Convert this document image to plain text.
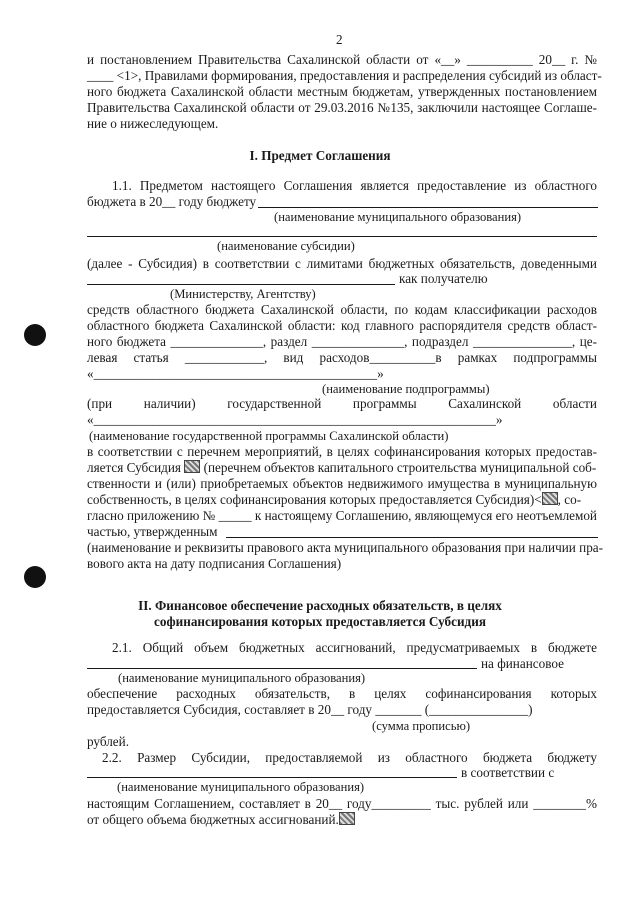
2
и постановлением Правительства Сахалинской области от «__» __________ 20__ г. №
____ <1>, Правилами формирования, предоставления и распределения субсидий из област-
ного бюджета Сахалинской области местным бюджетам, утвержденных постановлением
Правительства Сахалинской области от 29.03.2016 №135, заключили настоящее Соглаше-
ние о нижеследующем.
I. Предмет Соглашения
1.1. Предметом настоящего Соглашения является предоставление из областного
бюджета в 20__ году бюджету
(наименование муниципального образования)
(наименование субсидии)
(далее - Субсидия) в соответствии с лимитами бюджетных обязательств, доведенными
как получателю
(Министерству, Агентству)
средств областного бюджета Сахалинской области, по кодам классификации расходов
областного бюджета Сахалинской области: код главного распорядителя средств област-
ного бюджета ______________, раздел ______________, подраздел _______________, це-
левая статья ____________, вид расходов__________в рамках подпрограммы
«___________________________________________»
(наименование подпрограммы)
(при наличии) государственной программы Сахалинской области
«_____________________________________________________________»
(наименование государственной программы Сахалинской области)
в соответствии с перечнем мероприятий, в целях софинансирования которых предостав-
ляется Субсидия  (перечнем объектов капитального строительства муниципальной соб-
ственности и (или) приобретаемых объектов недвижимого имущества в муниципальную
собственность, в целях софинансирования которых предоставляется Субсидия)< , со-
гласно приложению № _____ к настоящему Соглашению, являющемуся его неотъемлемой
частью, утвержденным
(наименование и реквизиты правового акта муниципального образования при наличии пра-
вового акта на дату подписания Соглашения)
II. Финансовое обеспечение расходных обязательств, в целях
софинансирования которых предоставляется Субсидия
2.1. Общий объем бюджетных ассигнований, предусматриваемых в бюджете
на финансовое
(наименование муниципального образования)
обеспечение расходных обязательств, в целях софинансирования которых
предоставляется Субсидия, составляет в 20__ году _______ (_______________)
(сумма прописью)
рублей.
2.2. Размер Субсидии, предоставляемой из областного бюджета бюджету
в соответствии с
(наименование муниципального образования)
настоящим Соглашением, составляет в 20__ году_________ тыс. рублей или ________%
от общего объема бюджетных ассигнований.
